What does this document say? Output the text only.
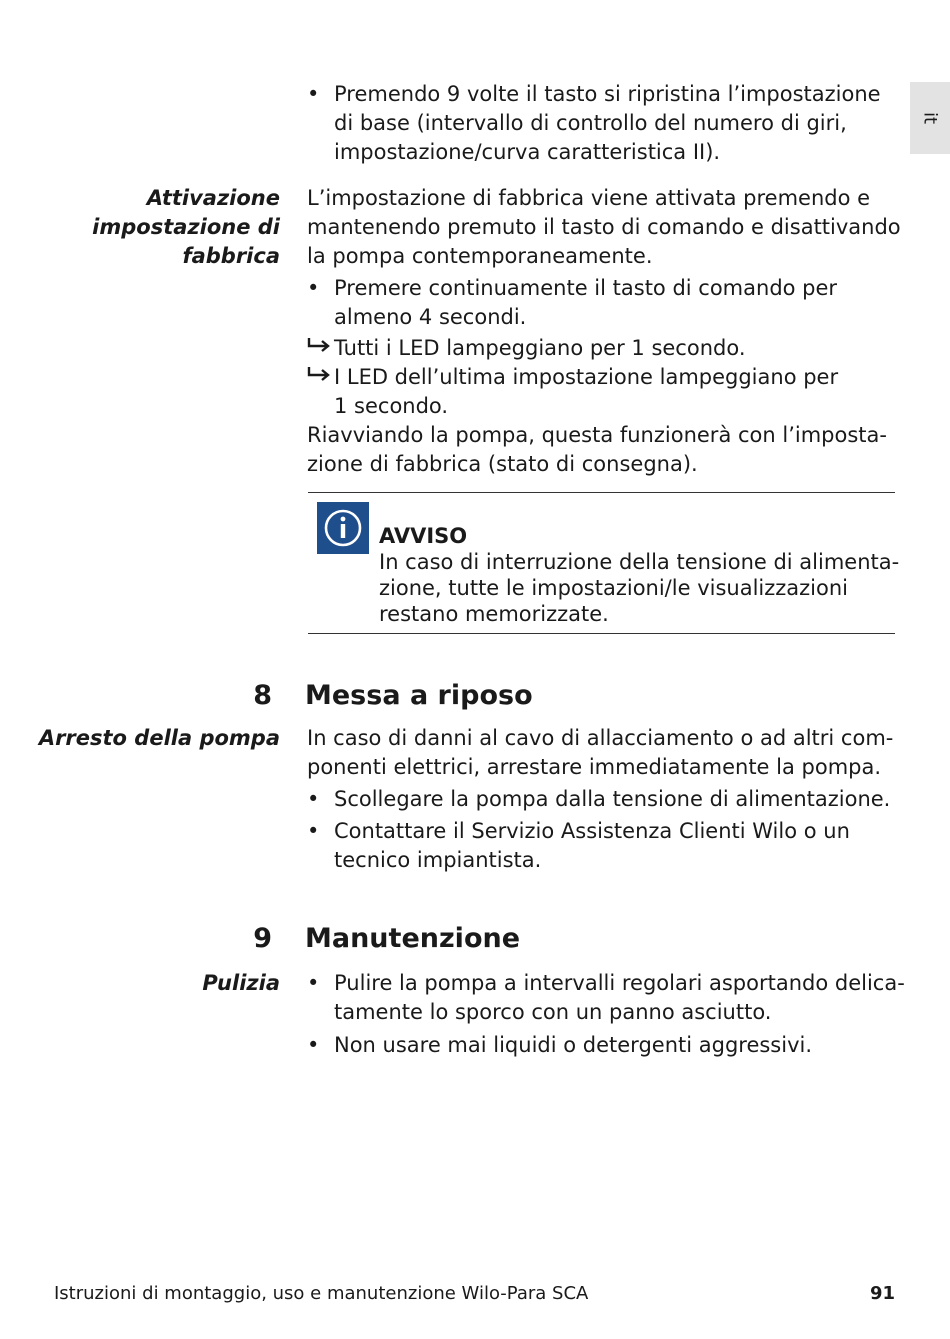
it
• Premendo 9 volte il tasto si ripristina l’impostazione
di base (intervallo di controllo del numero di giri,
impostazione/curva caratteristica II).
Attivazione
impostazione di
fabbrica
L’impostazione di fabbrica viene attivata premendo e
mantenendo premuto il tasto di comando e disattivando
la pompa contemporaneamente.
• Premere continuamente il tasto di comando per
almeno 4 secondi.
Tutti i LED lampeggiano per 1 secondo.
I LED dell’ultima impostazione lampeggiano per
1 secondo.
Riavviando la pompa, questa funzionerà con l’imposta-
zione di fabbrica (stato di consegna).
AVVISO
In caso di interruzione della tensione di alimenta-
zione, tutte le impostazioni/le visualizzazioni
restano memorizzate.
8 Messa a riposo
Arresto della pompa In caso di danni al cavo di allacciamento o ad altri com-
ponenti elettrici, arrestare immediatamente la pompa.
• Scollegare la pompa dalla tensione di alimentazione.
• Contattare il Servizio Assistenza Clienti Wilo o un
tecnico impiantista.
9 Manutenzione
Pulizia • Pulire la pompa a intervalli regolari asportando delica-
tamente lo sporco con un panno asciutto.
• Non usare mai liquidi o detergenti aggressivi.
Istruzioni di montaggio, uso e manutenzione Wilo-Para SCA	91
